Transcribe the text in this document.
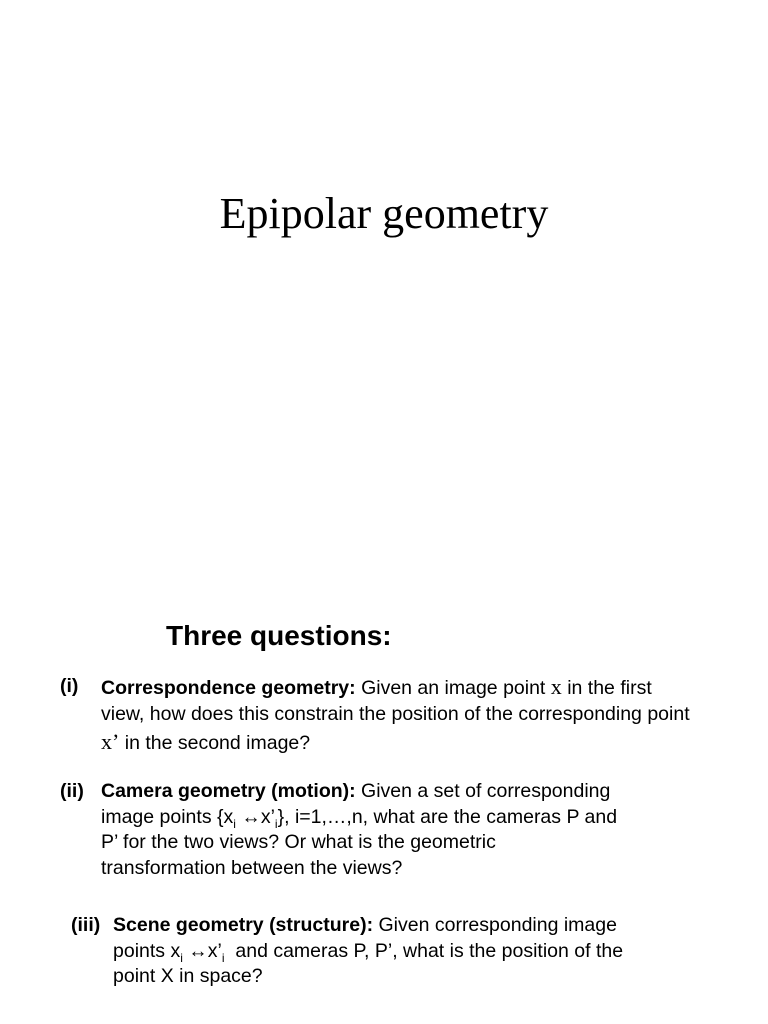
Epipolar geometry
Three questions:
(i) Correspondence geometry: Given an image point x in the first
view, how does this constrain the position of the corresponding point
x’ in the second image?
(ii) Camera geometry (motion): Given a set of corresponding
image points {$x_i$ $\leftrightarrow x’_i$}, i=1,…,n, what are the cameras P and
P’ for the two views? Or what is the geometric
transformation between the views?
(iii) Scene geometry (structure): Given corresponding image
points $x_i$ $\leftrightarrow x’_i$  and cameras P, P’, what is the position of the
point X in space?
